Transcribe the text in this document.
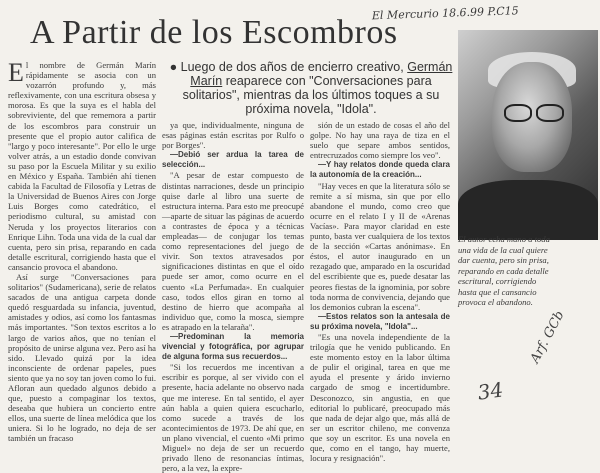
El Mercurio 18.6.99 P.C15
A Partir de los Escombros
● Luego de dos años de encierro creativo, Germán Marín reaparece con "Conversaciones para solitarios", mientras da los últimos toques a su próxima novela, "Idola".

El nombre de Germán Marín rápidamente se asocia con un vozarrón profundo y, más reflexivamente, con una escritura obsesa y morosa. Es que la suya es el habla del sobreviviente, del que rememora a partir de los escombros para construir un presente que el propio autor califica de "largo y poco interesante". Por ello le urge volver atrás, a un estadio donde convivan su paso por la Escuela Militar y su exilio en México y España. También ahí tienen cabida la Facultad de Filosofía y Letras de la Universidad de Buenos Aires con Jorge Luis Borges como catedrático, el periodismo cultural, su amistad con Neruda y los proyectos literarios con Enrique Lihn. Toda una vida de la cual dar cuenta, pero sin prisa, reparando en cada detalle escritural, corrigiendo hasta que el cansancio provoca el abandono.

Así surge "Conversaciones para solitarios" (Sudamericana), serie de relatos sacados de una antigua carpeta donde quedó resguardada su infancia, juventud, amistades y odios, así como los fantasmas más importantes. "Son textos escritos a lo largo de varios años, que no tenían el propósito de unirse alguna vez. Pero así ha sido. Llevado quizá por la idea inconsciente de ordenar papeles, pues siento que ya no soy tan joven como lo fui. Afloran aun quedado algunos debido a que, puesto a compaginar los textos, deseaba que hubiera un concierto entre ellos, una suerte de línea melódica que los uniera. Si lo he logrado, no deja de ser también un fracaso

ya que, individualmente, ninguna de esas páginas están escritas por Rulfo o por Borges".

—Debió ser ardua la tarea de selección...

"A pesar de estar compuesto de distintas narraciones, desde un principio quise darle al libro una suerte de estructura interna. Para esto me preocupé —aparte de situar las páginas de acuerdo a contrastes de época y a técnicas empleadas— de conjugar los temas como representaciones del juego de vivir. Son textos atravesados por significaciones distintas en que el oído puede ser amor, como ocurre en el cuento «La Perfumada». En cualquier caso, todos ellos giran en torno al destino de hierro que acompaña al individuo que, como la mosca, siempre es atrapado en la telaraña".

—Predominan la memoria vivencial y fotográfica, por agrupar de alguna forma sus recuerdos...

"Si los recuerdos me incentivan a escribir es porque, al ser vivido con el presente, hacia adelante no observo nada que me interese. En tal sentido, el ayer aún habla a quien quiera escucharlo, como sucede a través de los acontecimientos de 1973. De ahí que, en un plano vivencial, el cuento «Mi primo Miguel» no deja de ser un recuerdo privado lleno de resonancias íntimas, pero, a la vez, la expre-

sión de un estado de cosas el año del golpe. No hay una raya de tiza en el suelo que separe ambos sentidos, entrecruzados como siempre los veo".

—Y hay relatos donde queda clara la autonomía de la creación...

"Hay veces en que la literatura sólo se remite a sí misma, sin que por ello abandone el mundo, como creo que ocurre en el relato I y II de «Arenas Vacías». Para mayor claridad en este punto, basta ver cualquiera de los textos de la sección «Cartas anónimas». En éstos, el autor inaugurado en un rezagado que, amparado en la oscuridad del escribiente que es, puede desatar las peores fiestas de la ignominia, por sobre toda norma de convivencia, dejando que los demonios cubran la escena".

—Estos relatos son la antesala de su próxima novela, "Idola"...

"Es una novela independiente de la trilogía que he venido publicando. En este momento estoy en la labor última de pulir el original, tarea en que me ayuda el presente y árido invierno cargado de smog e incertidumbre. Desconozco, sin angustia, en que editorial lo publicaré, preocupado más que nada de dejar algo que, más allá de ser un escritor chileno, me convenza que soy un escritor. Es una novela en que, como en el tango, hay muerte, locura y resignación".

El autor echa mano a toda una vida de la cual quiere dar cuenta, pero sin prisa, reparando en cada detalle escritural, corrigiendo hasta que el cansancio provoca el abandono.
Arf. GCb
34
